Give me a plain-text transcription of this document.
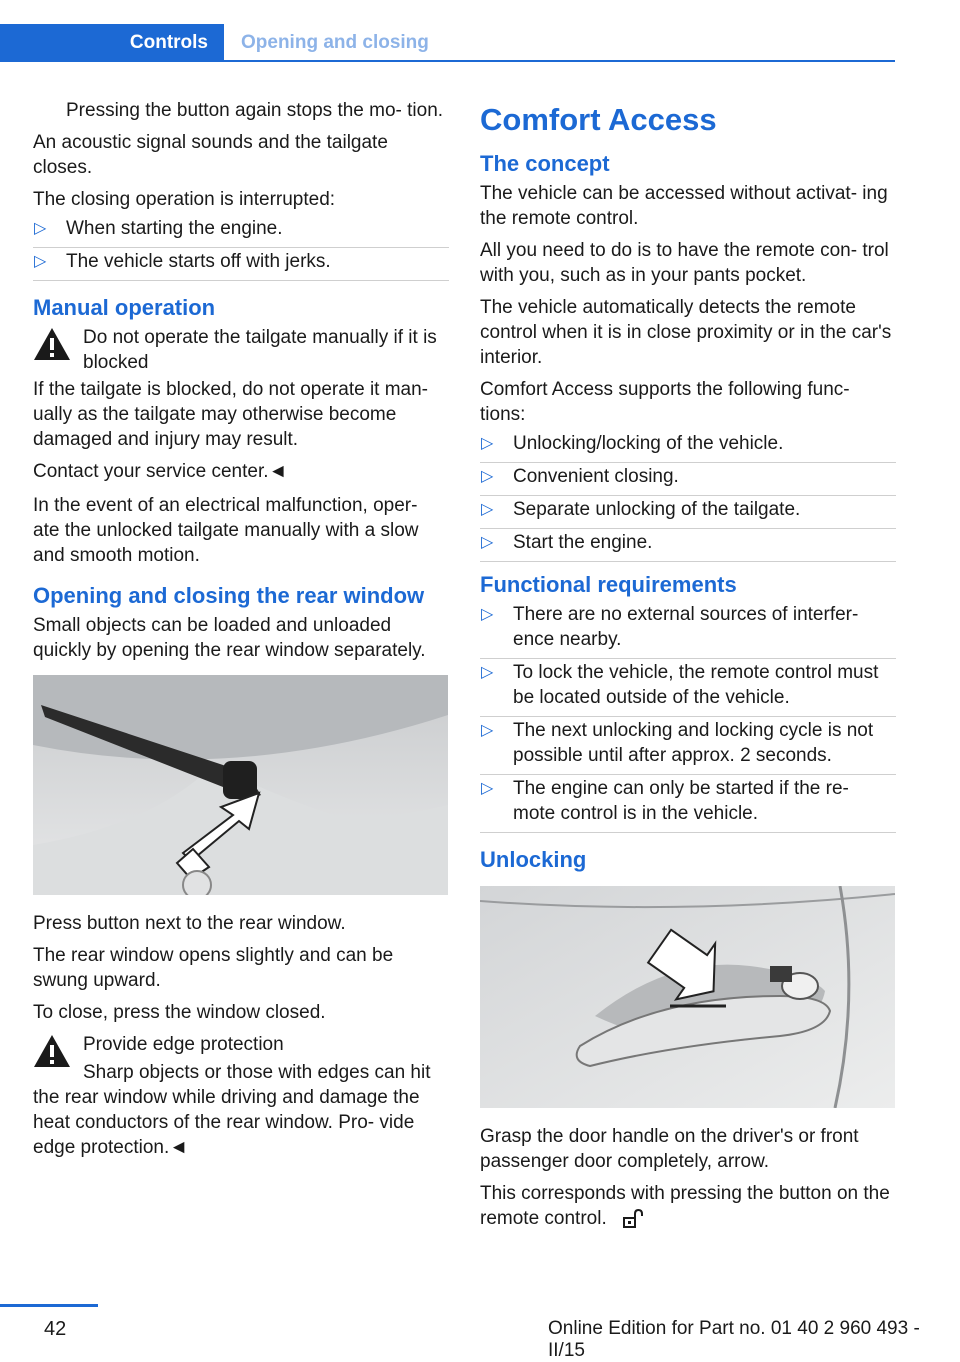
Controls	Opening and closing

Pressing the button again stops the mo- tion.

An acoustic signal sounds and the tailgate closes.

The closing operation is interrupted:

▷ When starting the engine.
▷ The vehicle starts off with jerks.
Manual operation

Do not operate the tailgate manually if it is blocked

If the tailgate is blocked, do not operate it man- ually as the tailgate may otherwise become damaged and injury may result.

Contact your service center.◄

In the event of an electrical malfunction, oper- ate the unlocked tailgate manually with a slow and smooth motion.

Opening and closing the rear window

Small objects can be loaded and unloaded quickly by opening the rear window separately.

Press button next to the rear window.

The rear window opens slightly and can be swung upward.

To close, press the window closed.

Provide edge protection

Sharp objects or those with edges can hit the rear window while driving and damage the heat conductors of the rear window. Pro- vide edge protection.◄

Comfort Access
The concept

The vehicle can be accessed without activat- ing the remote control.

All you need to do is to have the remote con- trol with you, such as in your pants pocket.

The vehicle automatically detects the remote control when it is in close proximity or in the car's interior.

Comfort Access supports the following func- tions:

▷ Unlocking/locking of the vehicle.
▷ Convenient closing.
▷ Separate unlocking of the tailgate.
▷ Start the engine.
Functional requirements
▷ There are no external sources of interfer- ence nearby.
▷ To lock the vehicle, the remote control must be located outside of the vehicle.
▷ The next unlocking and locking cycle is not possible until after approx. 2 seconds.
▷ The engine can only be started if the re- mote control is in the vehicle.
Unlocking

Grasp the door handle on the driver's or front passenger door completely, arrow.

This corresponds with pressing the button on the remote control.

42	Online Edition for Part no. 01 40 2 960 493 - II/15
